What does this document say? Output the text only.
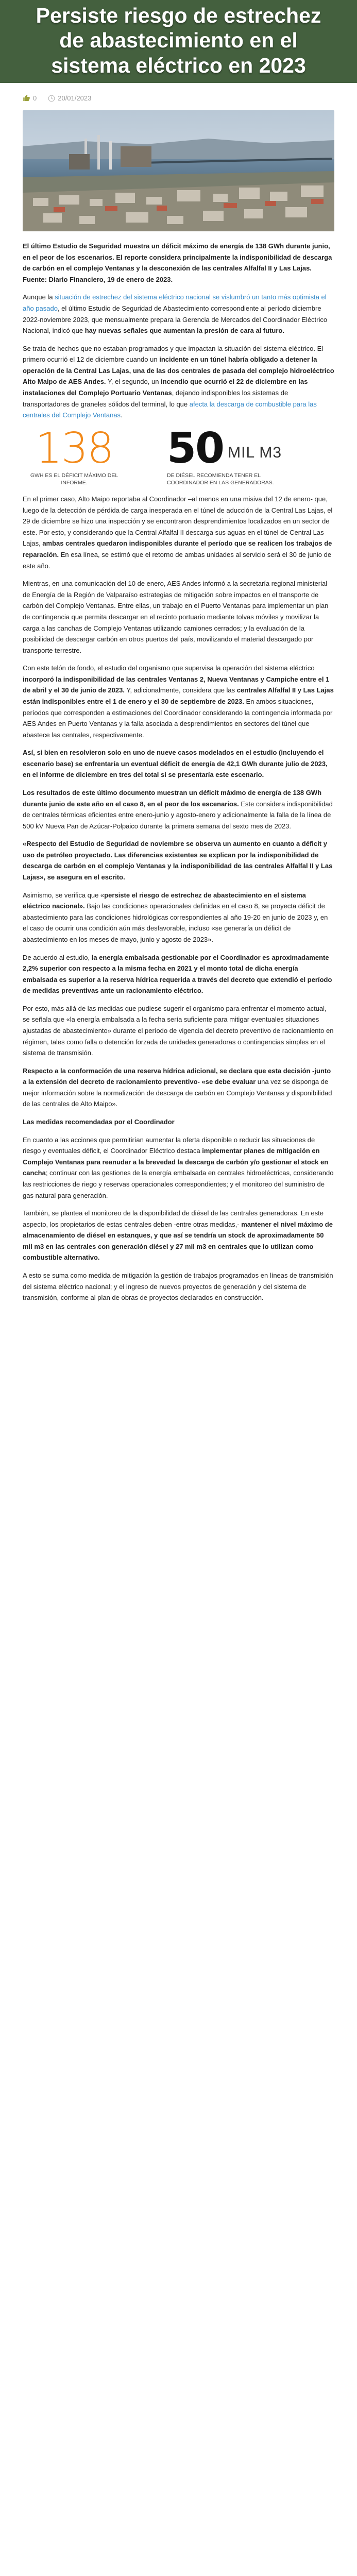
Persiste riesgo de estrechez de abastecimiento en el sistema eléctrico en 2023
0	20/01/2023

El último Estudio de Seguridad muestra un déficit máximo de energía de 138 GWh durante junio, en el peor de los escenarios. El reporte considera principalmente la indisponibilidad de descarga de carbón en el complejo Ventanas y la desconexión de las centrales Alfalfal II y Las Lajas. Fuente: Diario Financiero, 19 de enero de 2023.

Aunque la situación de estrechez del sistema eléctrico nacional se vislumbró un tanto más optimista el año pasado, el último Estudio de Seguridad de Abastecimiento correspondiente al período diciembre 2022-noviembre 2023, que mensualmente prepara la Gerencia de Mercados del Coordinador Eléctrico Nacional, indicó que hay nuevas señales que aumentan la presión de cara al futuro.

Se trata de hechos que no estaban programados y que impactan la situación del sistema eléctrico. El primero ocurrió el 12 de diciembre cuando un incidente en un túnel habría obligado a detener la operación de la Central Las Lajas, una de las dos centrales de pasada del complejo hidroeléctrico Alto Maipo de AES Andes. Y, el segundo, un incendio que ocurrió el 22 de diciembre en las instalaciones del Complejo Portuario Ventanas, dejando indisponibles los sistemas de transportadores de graneles sólidos del terminal, lo que afecta la descarga de combustible para las centrales del Complejo Ventanas.

138
GWH ES EL DÉFICIT MÁXIMO DEL INFORME.
50 MIL M3
DE DIÉSEL RECOMIENDA TENER EL COORDINADOR EN LAS GENERADORAS.

En el primer caso, Alto Maipo reportaba al Coordinador –al menos en una misiva del 12 de enero- que, luego de la detección de pérdida de carga inesperada en el túnel de aducción de la Central Las Lajas, el 29 de diciembre se hizo una inspección y se encontraron desprendimientos localizados en un sector de este. Por esto, y considerando que la Central Alfalfal II descarga sus aguas en el túnel de Central Las Lajas, ambas centrales quedaron indisponibles durante el período que se realicen los trabajos de reparación. En esa línea, se estimó que el retorno de ambas unidades al servicio será el 30 de junio de este año.

Mientras, en una comunicación del 10 de enero, AES Andes informó a la secretaría regional ministerial de Energía de la Región de Valparaíso estrategias de mitigación sobre impactos en el transporte de carbón del Complejo Ventanas. Entre ellas, un trabajo en el Puerto Ventanas para implementar un plan de contingencia que permita descargar en el recinto portuario mediante tolvas móviles y movilizar la carga a las canchas de Complejo Ventanas utilizando camiones cerrados; y la evaluación de la posibilidad de descargar carbón en otros puertos del país, movilizando el material descargado por transporte terrestre.

Con este telón de fondo, el estudio del organismo que supervisa la operación del sistema eléctrico incorporó la indisponibilidad de las centrales Ventanas 2, Nueva Ventanas y Campiche entre el 1 de abril y el 30 de junio de 2023. Y, adicionalmente, considera que las centrales Alfalfal II y Las Lajas están indisponibles entre el 1 de enero y el 30 de septiembre de 2023. En ambos situaciones, períodos que corresponden a estimaciones del Coordinador considerando la contingencia informada por AES Andes en Puerto Ventanas y la falla asociada a desprendimientos en sectores del túnel que abastece las centrales, respectivamente.

Así, si bien en resolvieron solo en uno de nueve casos modelados en el estudio (incluyendo el escenario base) se enfrentaría un eventual déficit de energía de 42,1 GWh durante julio de 2023, en el informe de diciembre en tres del total si se presentaría este escenario.

Los resultados de este último documento muestran un déficit máximo de energía de 138 GWh durante junio de este año en el caso 8, en el peor de los escenarios. Este considera indisponibilidad de centrales térmicas eficientes entre enero-junio y agosto-enero y adicionalmente la falla de la línea de 500 kV Nueva Pan de Azúcar-Polpaico durante la primera semana del sexto mes de 2023.

«Respecto del Estudio de Seguridad de noviembre se observa un aumento en cuanto a déficit y uso de petróleo proyectado. Las diferencias existentes se explican por la indisponibilidad de descarga de carbón en el complejo Ventanas y la indisponibilidad de las centrales Alfalfal II y Las Lajas», se asegura en el escrito.

Asimismo, se verifica que «persiste el riesgo de estrechez de abastecimiento en el sistema eléctrico nacional». Bajo las condiciones operacionales definidas en el caso 8, se proyecta déficit de abastecimiento para las condiciones hidrológicas correspondientes al año 19-20 en junio de 2023 y, en el caso de ocurrir una condición aún más desfavorable, incluso «se generaría un déficit de abastecimiento en los meses de mayo, junio y agosto de 2023».

De acuerdo al estudio, la energía embalsada gestionable por el Coordinador es aproximadamente 2,2% superior con respecto a la misma fecha en 2021 y el monto total de dicha energía embalsada es superior a la reserva hídrica requerida a través del decreto que extendió el período de medidas preventivas ante un racionamiento eléctrico.

Por esto, más allá de las medidas que pudiese sugerir el organismo para enfrentar el momento actual, se señala que «la energía embalsada a la fecha sería suficiente para mitigar eventuales situaciones ajustadas de abastecimiento» durante el período de vigencia del decreto preventivo de racionamiento en régimen, tales como falla o detención forzada de unidades generadoras o contingencias simples en el sistema de transmisión.

Respecto a la conformación de una reserva hídrica adicional, se declara que esta decisión -junto a la extensión del decreto de racionamiento preventivo- «se debe evaluar una vez se disponga de mejor información sobre la normalización de descarga de carbón en Complejo Ventanas y disponibilidad de las centrales de Alto Maipo».

Las medidas recomendadas por el Coordinador

En cuanto a las acciones que permitirían aumentar la oferta disponible o reducir las situaciones de riesgo y eventuales déficit, el Coordinador Eléctrico destaca implementar planes de mitigación en Complejo Ventanas para reanudar a la brevedad la descarga de carbón y/o gestionar el stock en cancha; continuar con las gestiones de la energía embalsada en centrales hidroeléctricas, considerando las restricciones de riego y reservas operacionales correspondientes; y el monitoreo del suministro de gas natural para generación.

También, se plantea el monitoreo de la disponibilidad de diésel de las centrales generadoras. En este aspecto, los propietarios de estas centrales deben -entre otras medidas,- mantener el nivel máximo de almacenamiento de diésel en estanques, y que así se tendría un stock de aproximadamente 50 mil m3 en las centrales con generación diésel y 27 mil m3 en centrales que lo utilizan como combustible alternativo.

A esto se suma como medida de mitigación la gestión de trabajos programados en líneas de transmisión del sistema eléctrico nacional; y el ingreso de nuevos proyectos de generación y del sistema de transmisión, conforme al plan de obras de proyectos declarados en construcción.
